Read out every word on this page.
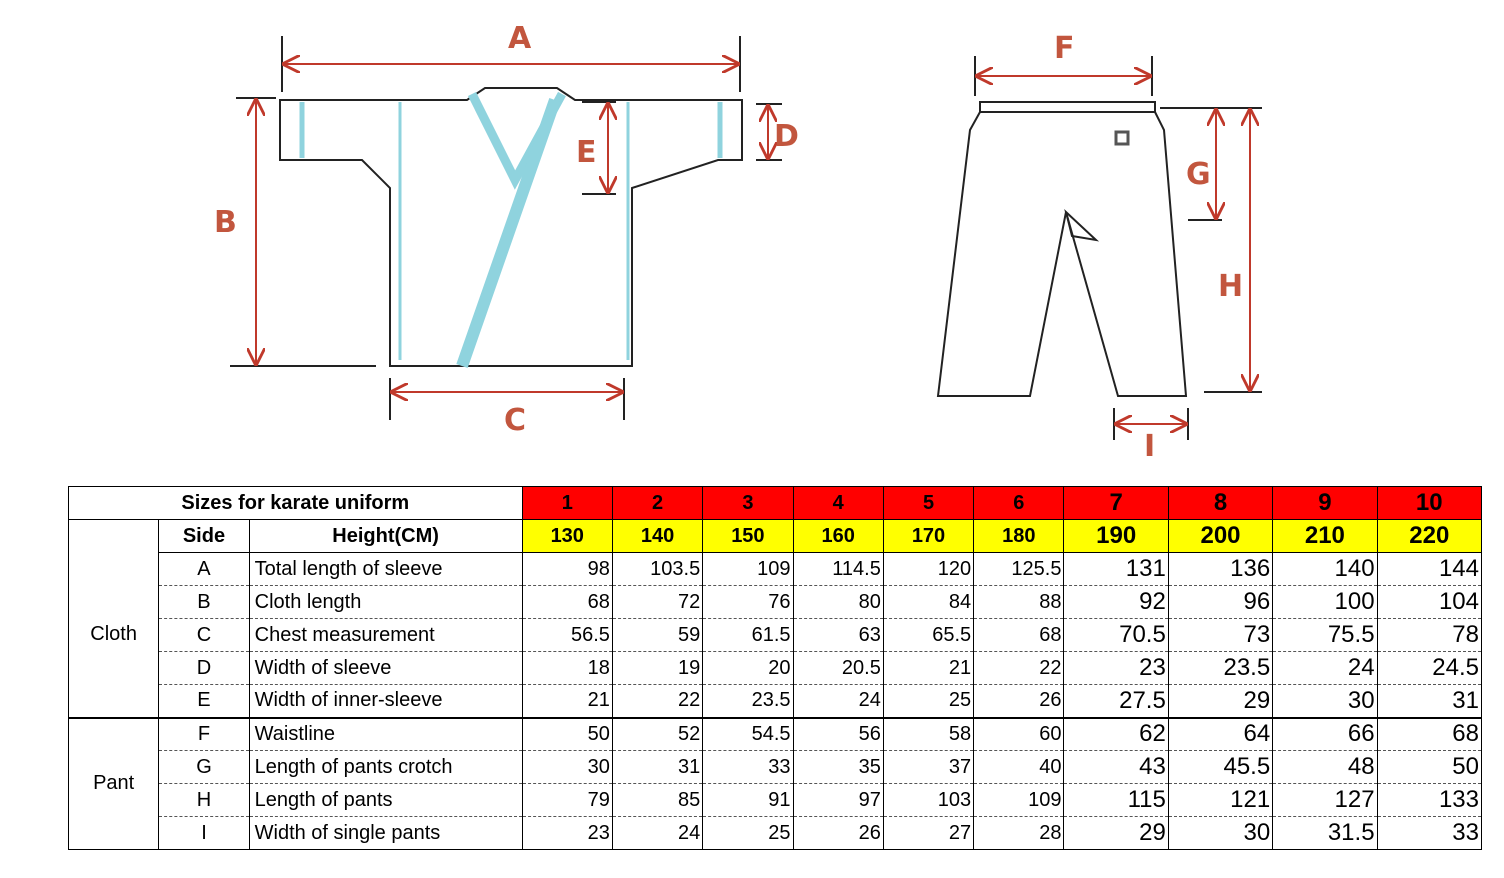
A
B
C
D
E
F
G
H
I
Sizes for karate uniform			1	2	3	4	5	6	7	8	9	10
	Side	Height(CM)	130	140	150	160	170	180	190	200	210	220
Cloth	A	Total length of sleeve	98	103.5	109	114.5	120	125.5	131	136	140	144
	B	Cloth length	68	72	76	80	84	88	92	96	100	104
	C	Chest measurement	56.5	59	61.5	63	65.5	68	70.5	73	75.5	78
	D	Width of sleeve	18	19	20	20.5	21	22	23	23.5	24	24.5
	E	Width of inner-sleeve	21	22	23.5	24	25	26	27.5	29	30	31
Pant	F	Waistline	50	52	54.5	56	58	60	62	64	66	68
	G	Length of pants crotch	30	31	33	35	37	40	43	45.5	48	50
	H	Length of pants	79	85	91	97	103	109	115	121	127	133
	I	Width of single pants	23	24	25	26	27	28	29	30	31.5	33
